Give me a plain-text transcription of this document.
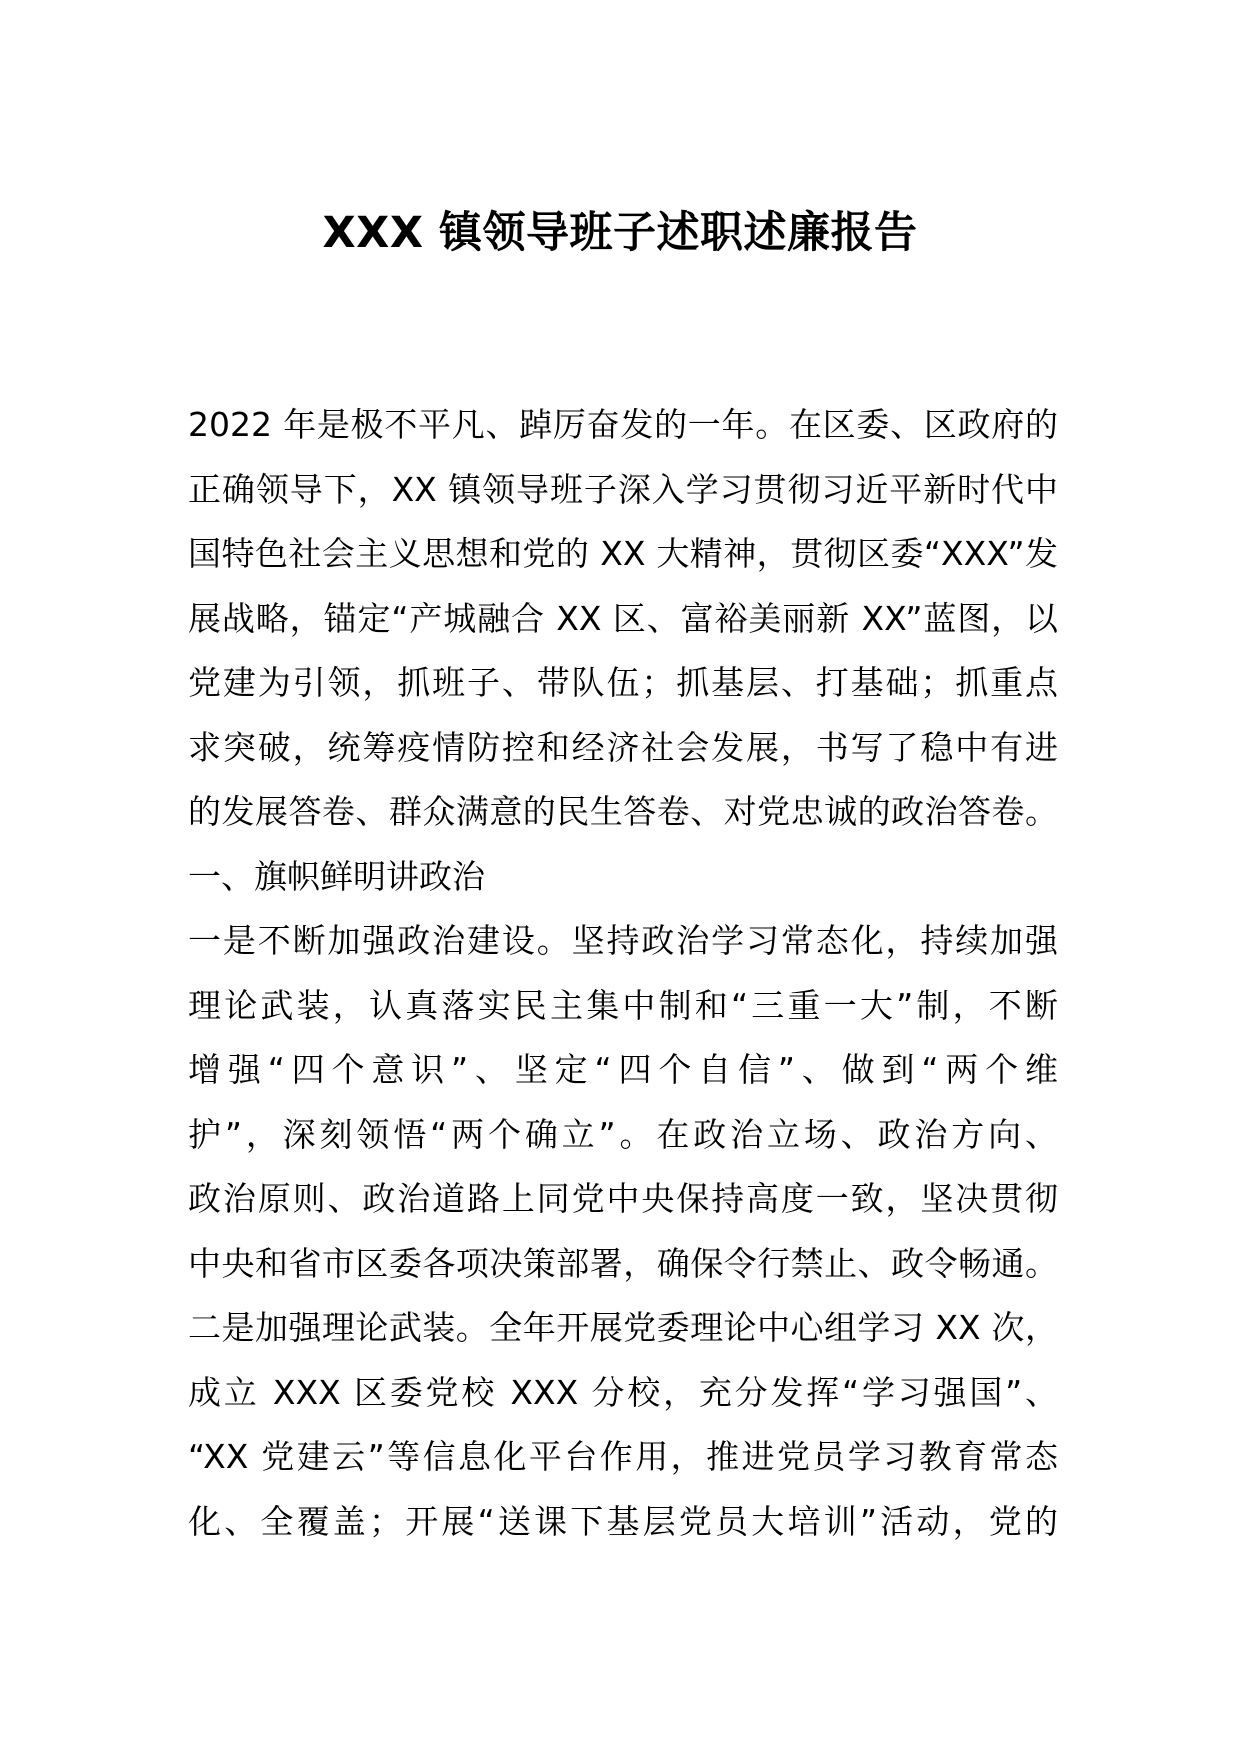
XXX 镇领导班子述职述廉报告
2022 年是极不平凡、踔厉奋发的一年。在区委、区政府的
正确领导下，XX 镇领导班子深入学习贯彻习近平新时代中
国特色社会主义思想和党的 XX 大精神，贯彻区委“XXX”发
展战略，锚定“产城融合 XX 区、富裕美丽新 XX”蓝图，以
党建为引领，抓班子、带队伍；抓基层、打基础；抓重点
求突破，统筹疫情防控和经济社会发展，书写了稳中有进
的发展答卷、群众满意的民生答卷、对党忠诚的政治答卷。
一、旗帜鲜明讲政治
一是不断加强政治建设。坚持政治学习常态化，持续加强
理论武装，认真落实民主集中制和“三重一大”制，不断
增强“四个意识”、坚定“四个自信”、做到“两个维
护”，深刻领悟“两个确立”。在政治立场、政治方向、
政治原则、政治道路上同党中央保持高度一致，坚决贯彻
中央和省市区委各项决策部署，确保令行禁止、政令畅通。
二是加强理论武装。全年开展党委理论中心组学习 XX 次，
成立 XXX 区委党校 XXX 分校，充分发挥“学习强国”、
“XX 党建云”等信息化平台作用，推进党员学习教育常态
化、全覆盖；开展“送课下基层党员大培训”活动，党的
